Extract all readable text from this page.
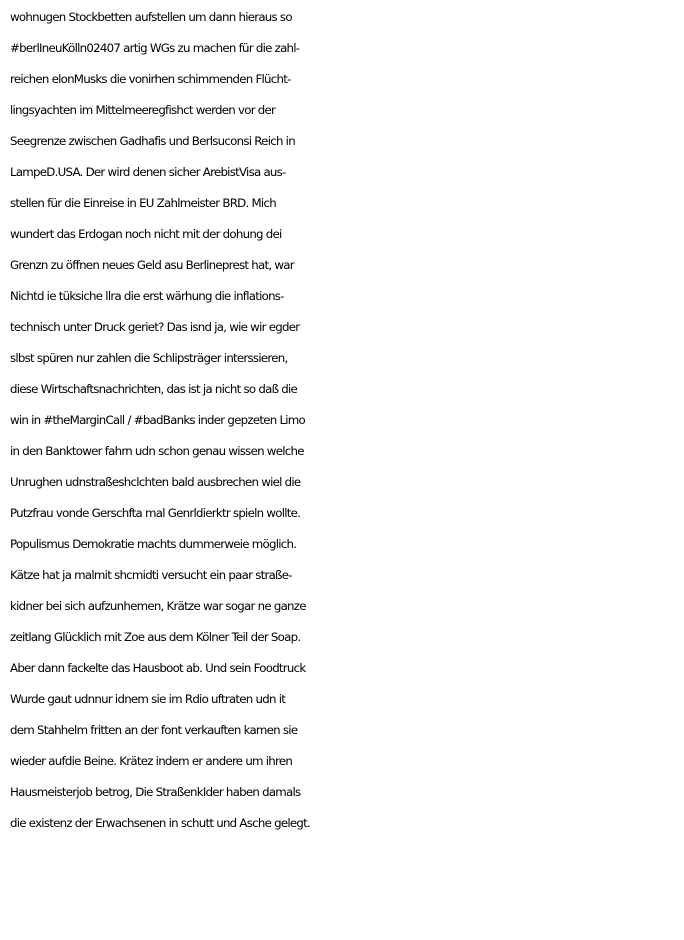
wohnugen Stockbetten aufstellen um dann hieraus so
#berlIneuKölln02407 artig WGs zu machen für die zahl-
reichen elonMusks die vonirhen schimmenden Flücht-
lingsyachten im Mittelmeeregfishct werden vor der
Seegrenze zwischen Gadhafis und Berlsuconsi Reich in
LampeD.USA. Der wird denen sicher ArebistVisa aus-
stellen für die Einreise in EU Zahlmeister BRD. Mich
wundert das Erdogan noch nicht mit der dohung dei
Grenzn zu öffnen neues Geld asu Berlineprest hat, war
Nichtd ie tüksiche llra die erst wärhung die inflations-
technisch unter Druck geriet? Das isnd ja, wie wir egder
slbst spüren nur zahlen die Schlipsträger interssieren,
diese Wirtschaftsnachrichten, das ist ja nicht so daß die
win in #theMarginCall / #badBanks inder gepzeten Limo
in den Banktower fahrn udn schon genau wissen welche
Unrughen udnstraßeshclchten bald ausbrechen wiel die
Putzfrau vonde Gerschfta mal Genrldierktr spieln wollte.
Populismus Demokratie machts dummerweie möglich.
Kätze hat ja malmit shcmidti versucht ein paar straße-
kidner bei sich aufzunhemen, Krätze war sogar ne ganze
zeitlang Glücklich mit Zoe aus dem Kölner Teil der Soap.
Aber dann fackelte das Hausboot ab. Und sein Foodtruck
Wurde gaut udnnur idnem sie im Rdio uftraten udn it
dem Stahhelm fritten an der font verkauften kamen sie
wieder aufdie Beine. Krätez indem er andere um ihren
Hausmeisterjob betrog, Die StraßenkIder haben damals
die existenz der Erwachsenen in schutt und Asche gelegt.
